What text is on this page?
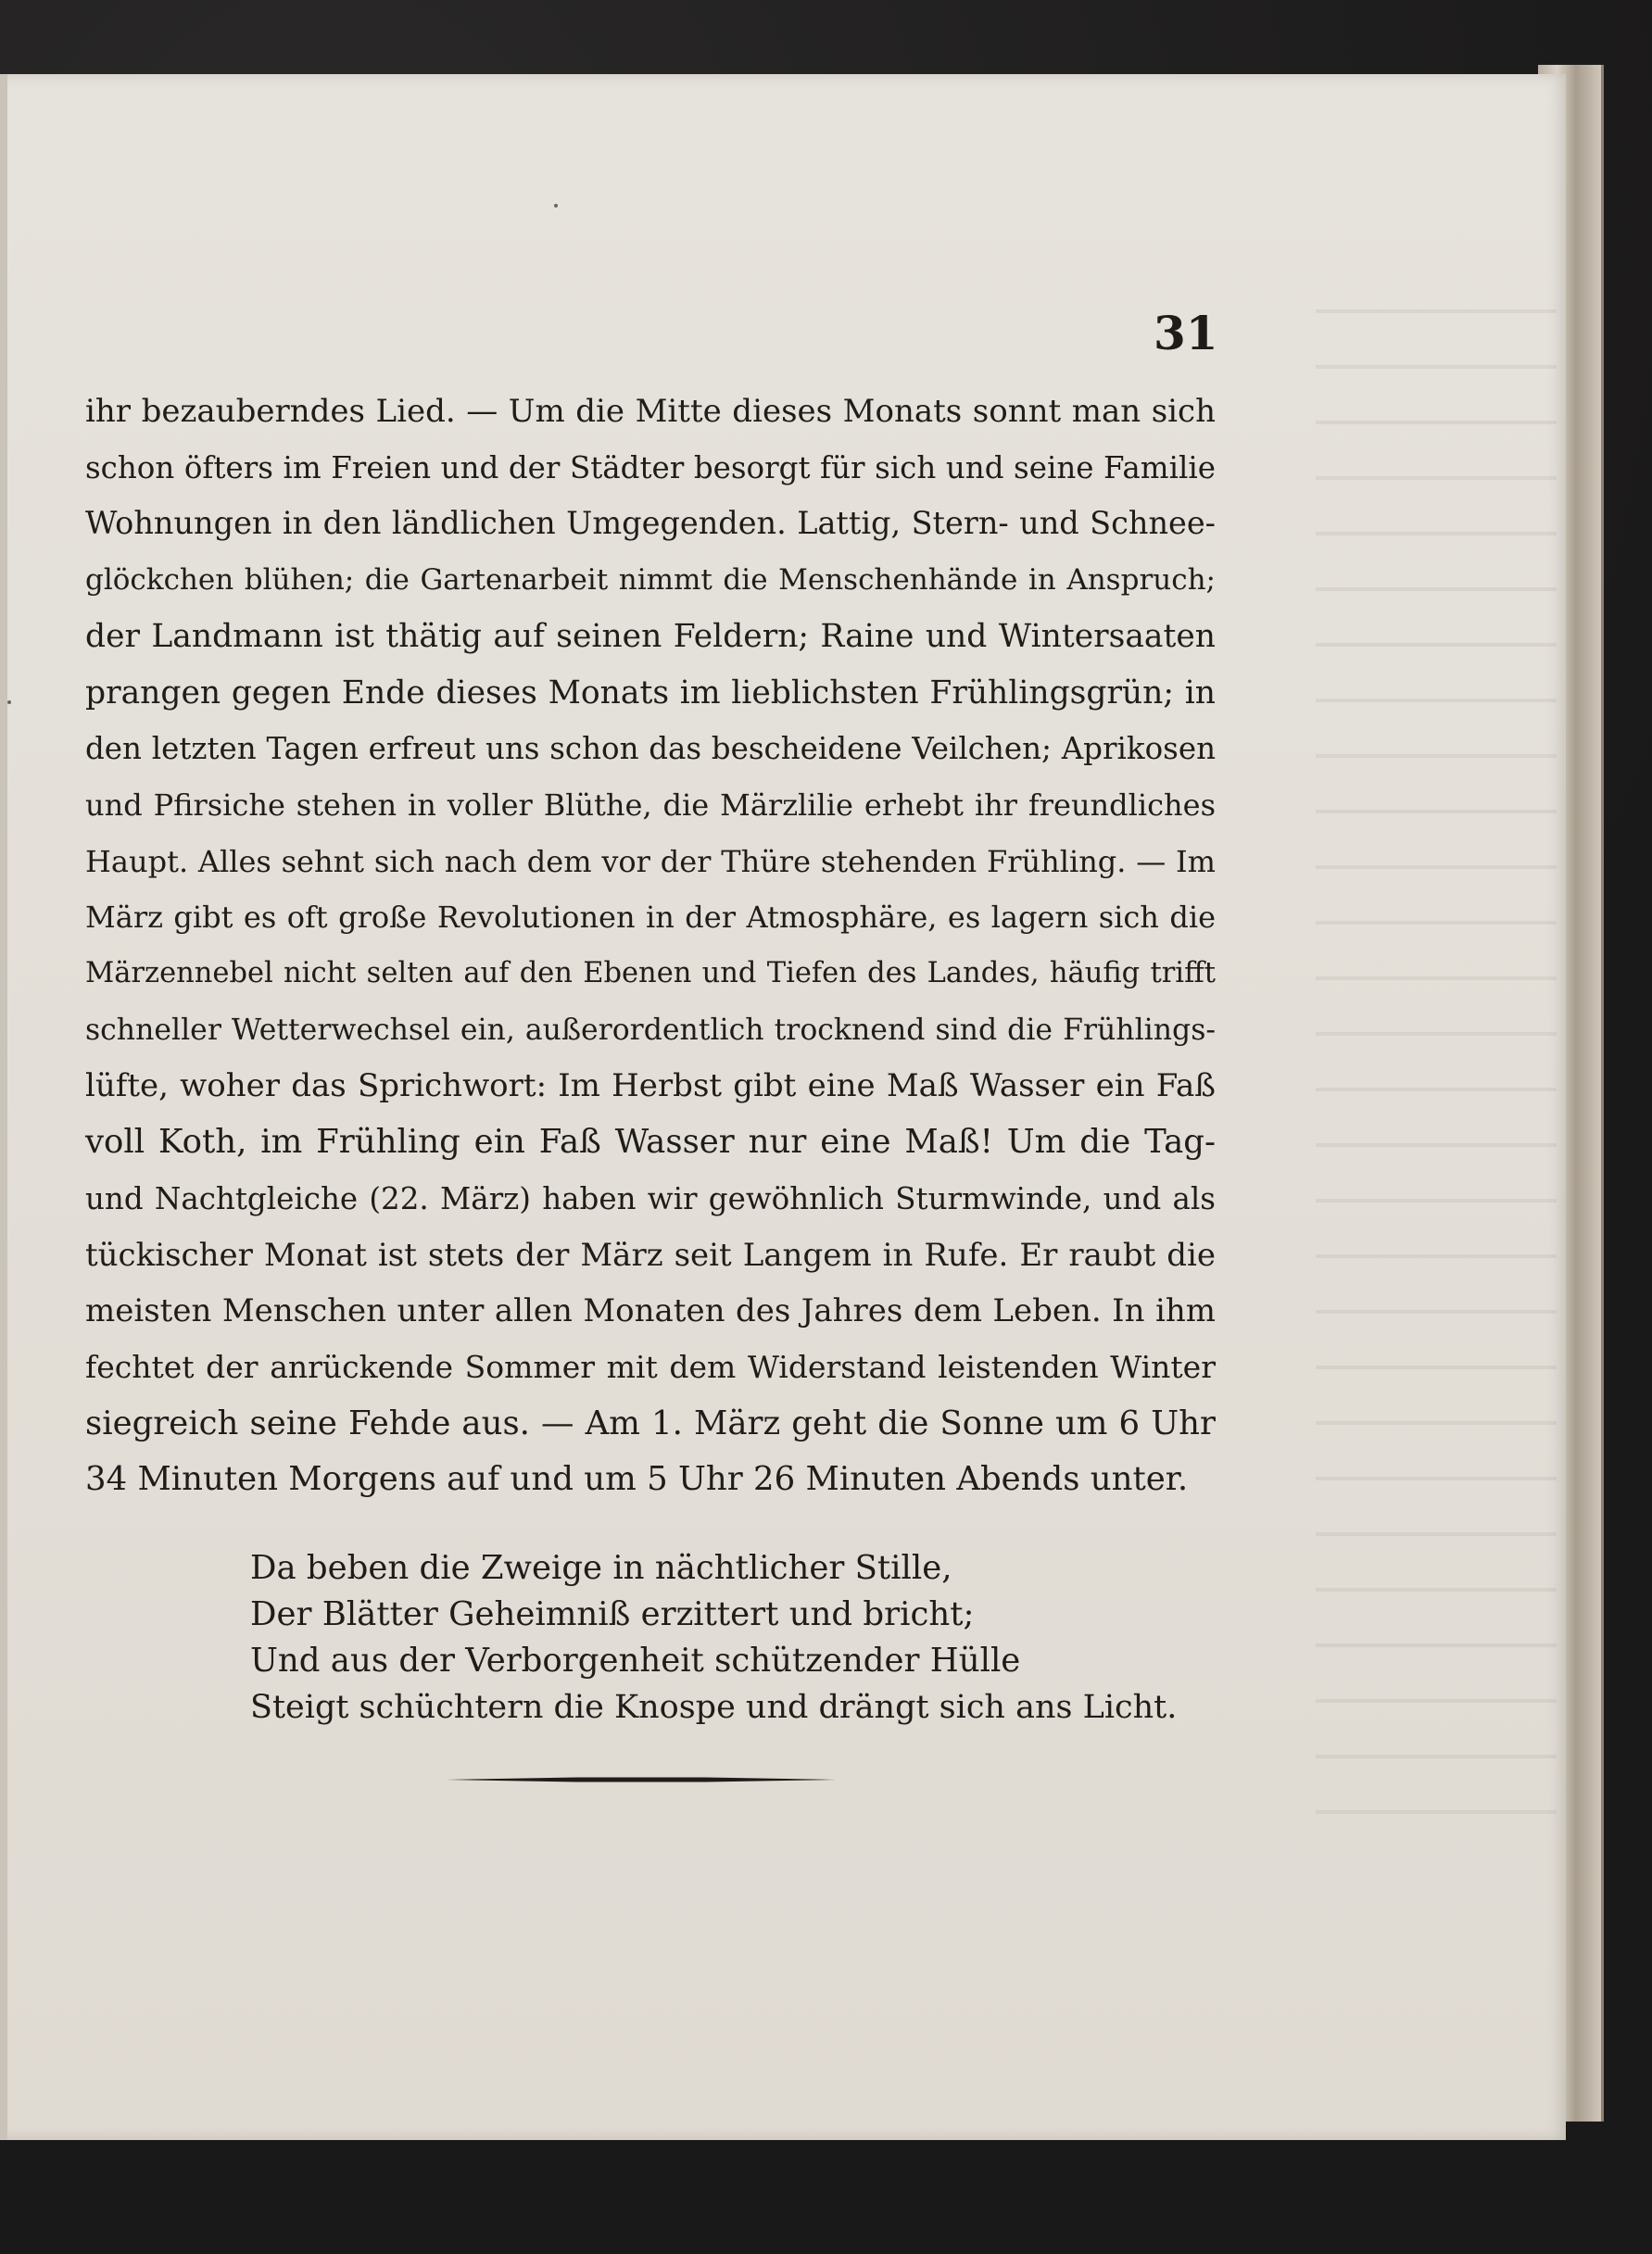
31
ihr bezauberndes Lied. — Um die Mitte dieses Monats sonnt man sich
schon öfters im Freien und der Städter besorgt für sich und seine Familie
Wohnungen in den ländlichen Umgegenden. Lattig, Stern- und Schnee-
glöckchen blühen; die Gartenarbeit nimmt die Menschenhände in Anspruch;
der Landmann ist thätig auf seinen Feldern; Raine und Wintersaaten
prangen gegen Ende dieses Monats im lieblichsten Frühlingsgrün; in
den letzten Tagen erfreut uns schon das bescheidene Veilchen; Aprikosen
und Pfirsiche stehen in voller Blüthe, die Märzlilie erhebt ihr freundliches
Haupt. Alles sehnt sich nach dem vor der Thüre stehenden Frühling. — Im
März gibt es oft große Revolutionen in der Atmosphäre, es lagern sich die
Märzennebel nicht selten auf den Ebenen und Tiefen des Landes, häufig trifft
schneller Wetterwechsel ein, außerordentlich trocknend sind die Frühlings-
lüfte, woher das Sprichwort: Im Herbst gibt eine Maß Wasser ein Faß
voll Koth, im Frühling ein Faß Wasser nur eine Maß! Um die Tag-
und Nachtgleiche (22. März) haben wir gewöhnlich Sturmwinde, und als
tückischer Monat ist stets der März seit Langem in Rufe. Er raubt die
meisten Menschen unter allen Monaten des Jahres dem Leben. In ihm
fechtet der anrückende Sommer mit dem Widerstand leistenden Winter
siegreich seine Fehde aus. — Am 1. März geht die Sonne um 6 Uhr
34 Minuten Morgens auf und um 5 Uhr 26 Minuten Abends unter.
Da beben die Zweige in nächtlicher Stille,
Der Blätter Geheimniß erzittert und bricht;
Und aus der Verborgenheit schützender Hülle
Steigt schüchtern die Knospe und drängt sich ans Licht.
